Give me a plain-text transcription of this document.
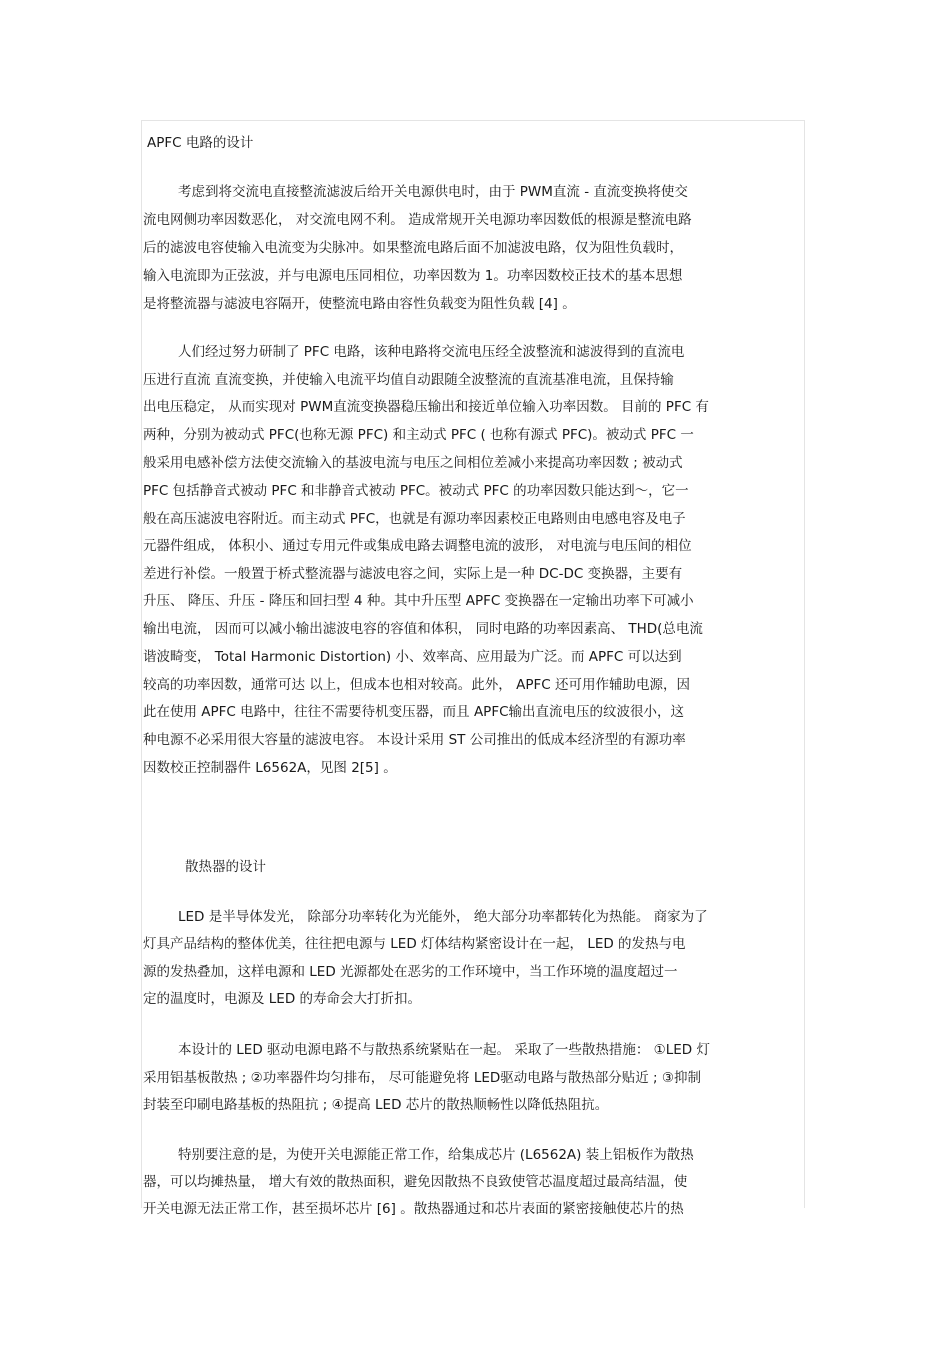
APFC 电路的设计
考虑到将交流电直接整流滤波后给开关电源供电时，由于 PWM直流 - 直流变换将使交
流电网侧功率因数恶化， 对交流电网不利。 造成常规开关电源功率因数低的根源是整流电路
后的滤波电容使输入电流变为尖脉冲。如果整流电路后面不加滤波电路，仅为阻性负载时，
输入电流即为正弦波，并与电源电压同相位，功率因数为 1。功率因数校正技术的基本思想
是将整流器与滤波电容隔开，使整流电路由容性负载变为阻性负载 [4] 。
人们经过努力研制了 PFC 电路，该种电路将交流电压经全波整流和滤波得到的直流电
压进行直流 直流变换，并使输入电流平均值自动跟随全波整流的直流基准电流，且保持输
出电压稳定， 从而实现对 PWM直流变换器稳压输出和接近单位输入功率因数。 目前的 PFC 有
两种，分别为被动式 PFC(也称无源 PFC) 和主动式 PFC ( 也称有源式 PFC)。被动式 PFC 一
般采用电感补偿方法使交流输入的基波电流与电压之间相位差减小来提高功率因数 ; 被动式
PFC 包括静音式被动 PFC 和非静音式被动 PFC。被动式 PFC 的功率因数只能达到～，它一
般在高压滤波电容附近。而主动式 PFC，也就是有源功率因素校正电路则由电感电容及电子
元器件组成， 体积小、通过专用元件或集成电路去调整电流的波形， 对电流与电压间的相位
差进行补偿。一般置于桥式整流器与滤波电容之间，实际上是一种 DC-DC 变换器，主要有
升压、 降压、升压 - 降压和回扫型 4 种。其中升压型 APFC 变换器在一定输出功率下可减小
输出电流， 因而可以减小输出滤波电容的容值和体积， 同时电路的功率因素高、 THD(总电流
谐波畸变， Total Harmonic Distortion) 小、效率高、应用最为广泛。而 APFC 可以达到
较高的功率因数，通常可达 以上，但成本也相对较高。此外， APFC 还可用作辅助电源，因
此在使用 APFC 电路中，往往不需要待机变压器，而且 APFC输出直流电压的纹波很小，这
种电源不必采用很大容量的滤波电容。 本设计采用 ST 公司推出的低成本经济型的有源功率
因数校正控制器件 L6562A，见图 2[5] 。
散热器的设计
LED 是半导体发光， 除部分功率转化为光能外， 绝大部分功率都转化为热能。 商家为了
灯具产品结构的整体优美，往往把电源与 LED 灯体结构紧密设计在一起， LED 的发热与电
源的发热叠加，这样电源和 LED 光源都处在恶劣的工作环境中，当工作环境的温度超过一
定的温度时，电源及 LED 的寿命会大打折扣。
本设计的 LED 驱动电源电路不与散热系统紧贴在一起。 采取了一些散热措施： ①LED 灯
采用铝基板散热 ; ②功率器件均匀排布， 尽可能避免将 LED驱动电路与散热部分贴近 ; ③抑制
封装至印刷电路基板的热阻抗 ; ④提高 LED 芯片的散热顺畅性以降低热阻抗。
特别要注意的是，为使开关电源能正常工作，给集成芯片 (L6562A) 装上铝板作为散热
器，可以均摊热量， 增大有效的散热面积，避免因散热不良致使管芯温度超过最高结温，使
开关电源无法正常工作，甚至损坏芯片 [6] 。散热器通过和芯片表面的紧密接触使芯片的热
